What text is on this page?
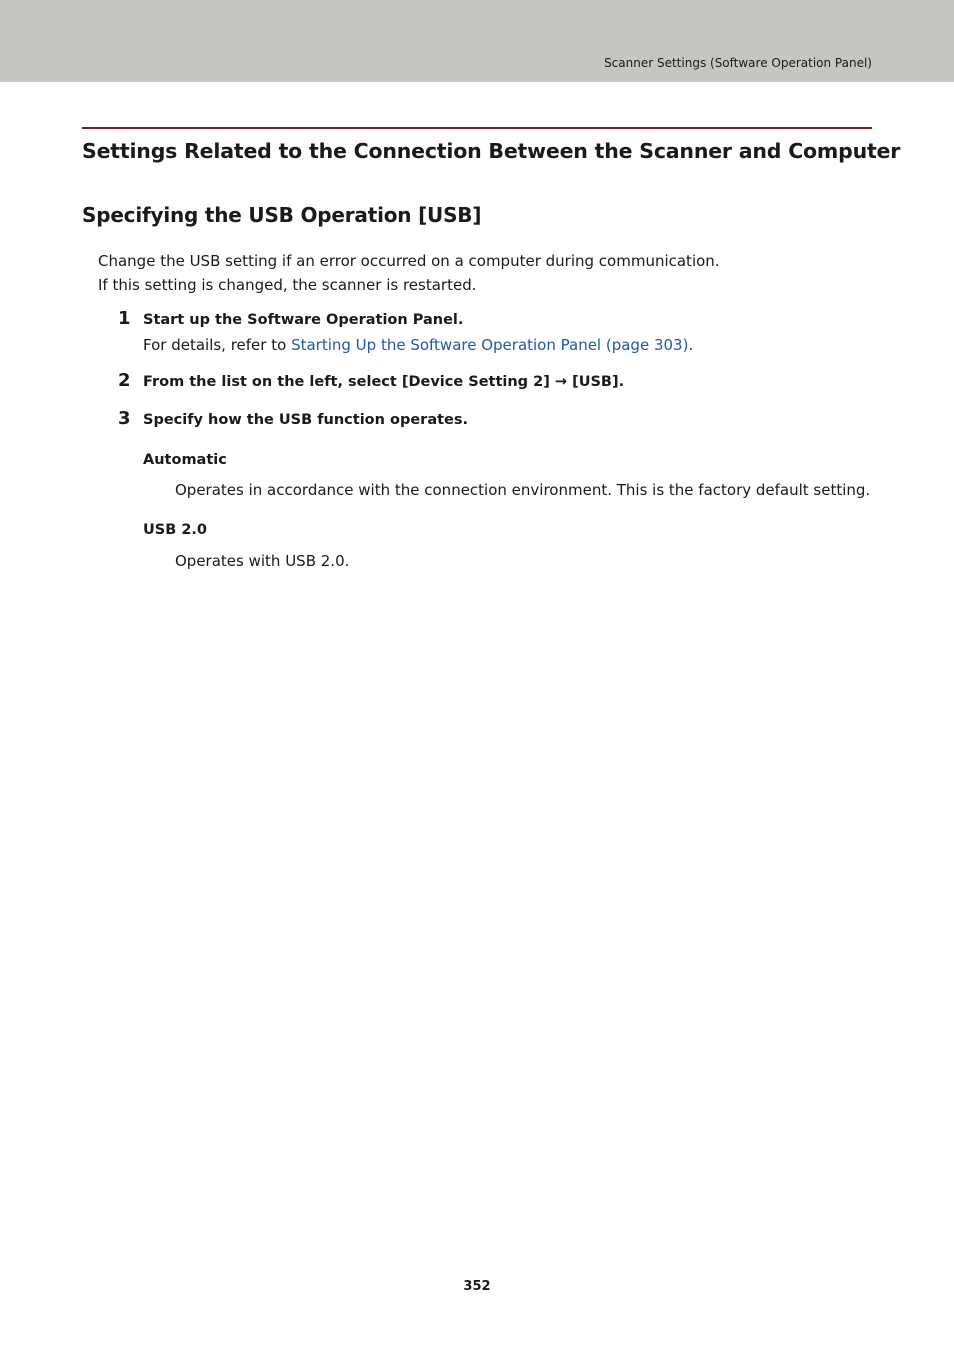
Scanner Settings (Software Operation Panel)
Settings Related to the Connection Between the Scanner and Computer
Specifying the USB Operation [USB]

Change the USB setting if an error occurred on a computer during communication.

If this setting is changed, the scanner is restarted.

1 Start up the Software Operation Panel.
For details, refer to Starting Up the Software Operation Panel (page 303).
2 From the list on the left, select [Device Setting 2] → [USB].
3 Specify how the USB function operates.
Automatic
Operates in accordance with the connection environment. This is the factory default setting.
USB 2.0
Operates with USB 2.0.
352
